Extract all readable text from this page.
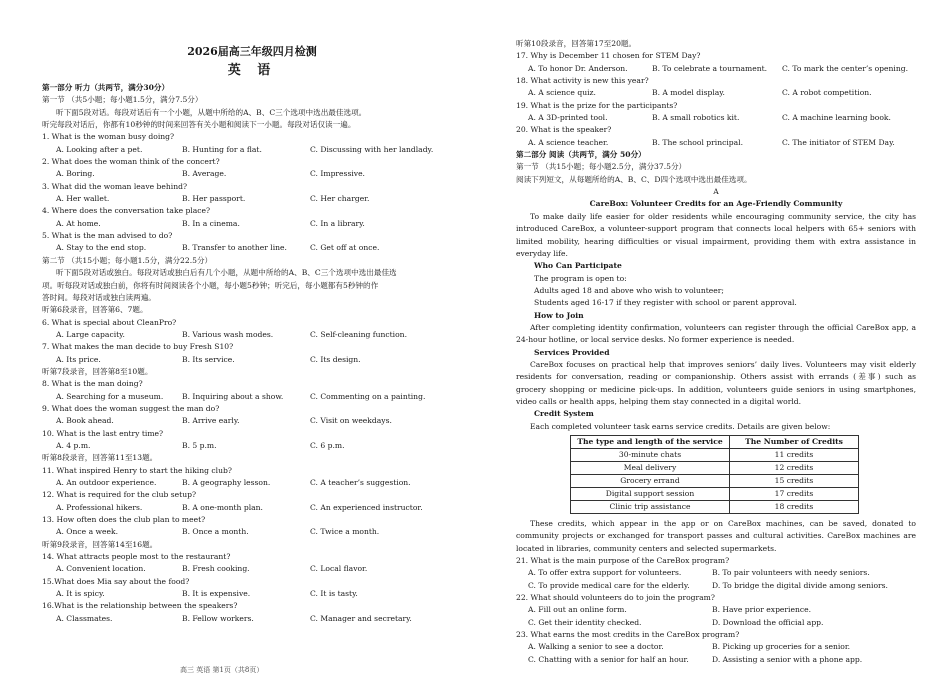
2026届高三年级四月检测
英 语
第一部分 听力（共两节，满分30分）
第一节 （共5小题；每小题1.5分，满分7.5分）
听下面5段对话。每段对话后有一个小题，从题中所给的A、B、C三个选项中选出最佳选项。
听完每段对话后，你都有10秒钟的时间来回答有关小题和阅读下一小题。每段对话仅读一遍。
1. What is the woman busy doing?
A. Looking after a pet.	B. Hunting for a flat.	C. Discussing with her landlady.
2. What does the woman think of the concert?
A. Boring.	B. Average.	C. Impressive.
3. What did the woman leave behind?
A. Her wallet.	B. Her passport.	C. Her charger.
4. Where does the conversation take place?
A. At home.	B. In a cinema.	C. In a library.
5. What is the man advised to do?
A. Stay to the end stop.	B. Transfer to another line.	C. Get off at once.
第二节 （共15小题；每小题1.5分，满分22.5分）
听下面5段对话或独白。每段对话或独白后有几个小题，从题中所给的A、B、C三个选项中选出最佳选
项。听每段对话或独白前，你将有时间阅读各个小题，每小题5秒钟；听完后，每小题都有5秒钟的作
答时间。每段对话或独白读两遍。
听第6段录音，回答第6、7题。
6. What is special about CleanPro?
A. Large capacity.	B. Various wash modes.	C. Self-cleaning function.
7. What makes the man decide to buy Fresh S10?
A. Its price.	B. Its service.	C. Its design.
听第7段录音，回答第8至10题。
8. What is the man doing?
A. Searching for a museum.	B. Inquiring about a show.	C. Commenting on a painting.
9. What does the woman suggest the man do?
A. Book ahead.	B. Arrive early.	C. Visit on weekdays.
10. What is the last entry time?
A. 4 p.m.	B. 5 p.m.	C. 6 p.m.
听第8段录音，回答第11至13题。
11. What inspired Henry to start the hiking club?
A. An outdoor experience.	B. A geography lesson.	C. A teacher’s suggestion.
12. What is required for the club setup?
A. Professional hikers.	B. A one-month plan.	C. An experienced instructor.
13. How often does the club plan to meet?
A. Once a week.	B. Once a month.	C. Twice a month.
听第9段录音，回答第14至16题。
14. What attracts people most to the restaurant?
A. Convenient location.	B. Fresh cooking.	C. Local flavor.
15.What does Mia say about the food?
A. It is spicy.	B. It is expensive.	C. It is tasty.
16.What is the relationship between the speakers?
A. Classmates.	B. Fellow workers.	C. Manager and secretary.
听第10段录音，回答第17至20题。
17. Why is December 11 chosen for STEM Day?
A. To honor Dr. Anderson.	B. To celebrate a tournament.	C. To mark the center’s opening.
18. What activity is new this year?
A. A science quiz.	B. A model display.	C. A robot competition.
19. What is the prize for the participants?
A. A 3D-printed tool.	B. A small robotics kit.	C. A machine learning book.
20. What is the speaker?
A. A science teacher.	B. The school principal.	C. The initiator of STEM Day.
第二部分 阅读（共两节，满分 50分）
第一节 （共15小题；每小题2.5分，满分37.5分）
阅读下列短文，从每题所给的A、B、C、D四个选项中选出最佳选项。
A
CareBox: Volunteer Credits for an Age-Friendly Community
To make daily life easier for older residents while encouraging community service, the city has introduced CareBox, a volunteer-support program that connects local helpers with 65+ seniors with limited mobility, hearing difficulties or visual impairment, providing them with extra assistance in everyday life.
Who Can Participate
The program is open to:
Adults aged 18 and above who wish to volunteer;
Students aged 16-17 if they register with school or parent approval.
How to Join
After completing identity confirmation, volunteers can register through the official CareBox app, a 24-hour hotline, or local service desks. No former experience is needed.
Services Provided
CareBox focuses on practical help that improves seniors’ daily lives. Volunteers may visit elderly residents for conversation, reading or companionship. Others assist with errands (差事) such as grocery shopping or medicine pick-ups. In addition, volunteers guide seniors in using smartphones, video calls or health apps, helping them stay connected in a digital world.
Credit System
Each completed volunteer task earns service credits. Details are given below:
The type and length of the service	The Number of Credits
30-minute chats	11 credits
Meal delivery	12 credits
Grocery errand	15 credits
Digital support session	17 credits
Clinic trip assistance	18 credits
These credits, which appear in the app or on CareBox machines, can be saved, donated to community projects or exchanged for transport passes and cultural activities. CareBox machines are located in libraries, community centers and selected supermarkets.
21. What is the main purpose of the CareBox program?
A. To offer extra support for volunteers.	B. To pair volunteers with needy seniors.
C. To provide medical care for the elderly.	D. To bridge the digital divide among seniors.
22. What should volunteers do to join the program?
A. Fill out an online form.	B. Have prior experience.
C. Get their identity checked.	D. Download the official app.
23. What earns the most credits in the CareBox program?
A. Walking a senior to see a doctor.	B. Picking up groceries for a senior.
C. Chatting with a senior for half an hour.	D. Assisting a senior with a phone app.
高三 英语 第1页（共8页）
